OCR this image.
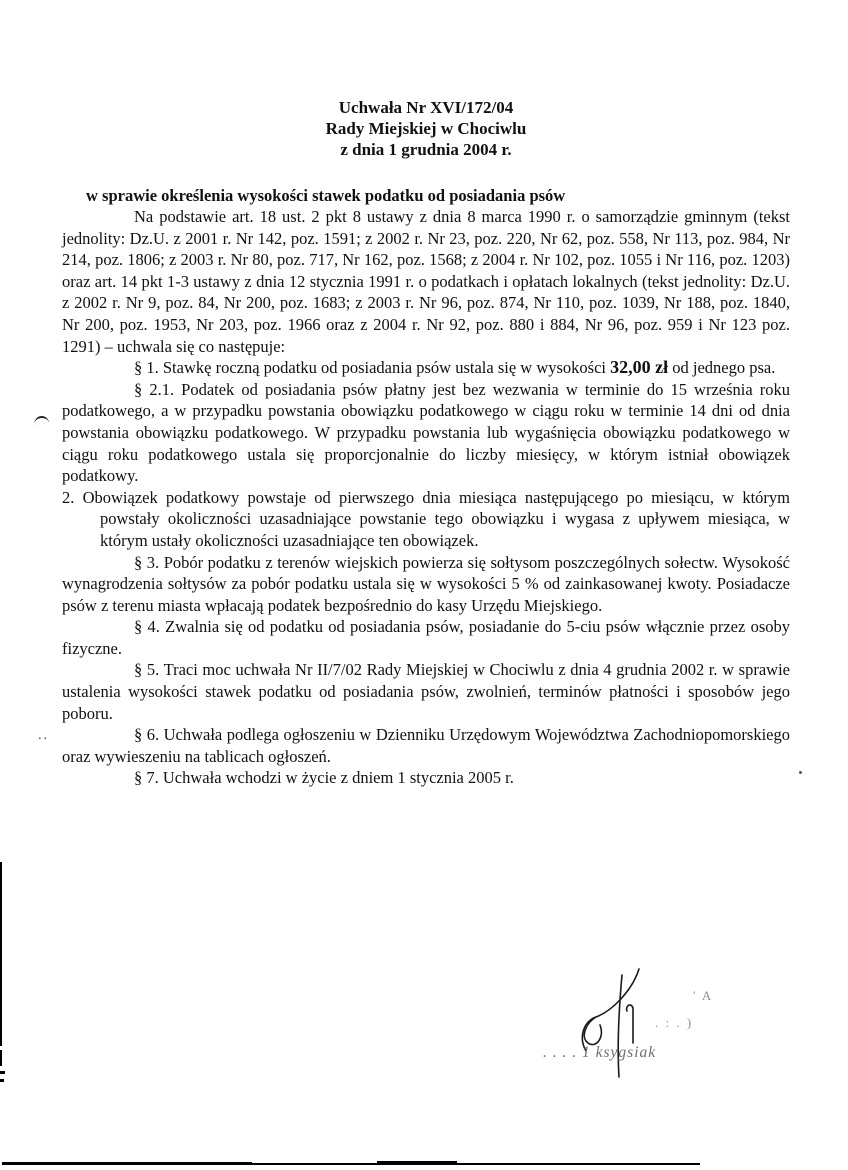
Uchwała Nr XVI/172/04
Rady Miejskiej w Chociwlu
z dnia 1 grudnia 2004 r.

w sprawie określenia wysokości stawek podatku od posiadania psów

Na podstawie art. 18 ust. 2 pkt 8 ustawy z dnia 8 marca 1990 r. o samorządzie gminnym (tekst jednolity: Dz.U. z 2001 r. Nr 142, poz. 1591; z 2002 r. Nr 23, poz. 220, Nr 62, poz. 558, Nr 113, poz. 984, Nr 214, poz. 1806; z 2003 r. Nr 80, poz. 717, Nr 162, poz. 1568; z 2004 r. Nr 102, poz. 1055 i Nr 116, poz. 1203) oraz art. 14 pkt 1-3 ustawy z dnia 12 stycznia 1991 r. o podatkach i opłatach lokalnych (tekst jednolity: Dz.U. z 2002 r. Nr 9, poz. 84, Nr 200, poz. 1683; z 2003 r. Nr 96, poz. 874, Nr 110, poz. 1039, Nr 188, poz. 1840, Nr 200, poz. 1953, Nr 203, poz. 1966 oraz z 2004 r. Nr 92, poz. 880 i 884, Nr 96, poz. 959 i Nr 123 poz. 1291) – uchwala się co następuje:

§ 1. Stawkę roczną podatku od posiadania psów ustala się w wysokości 32,00 zł od jednego psa.

§ 2.1. Podatek od posiadania psów płatny jest bez wezwania w terminie do 15 września roku podatkowego, a w przypadku powstania obowiązku podatkowego w ciągu roku w terminie 14 dni od dnia powstania obowiązku podatkowego. W przypadku powstania lub wygaśnięcia obowiązku podatkowego w ciągu roku podatkowego ustala się proporcjonalnie do liczby miesięcy, w którym istniał obowiązek podatkowy.

2. Obowiązek podatkowy powstaje od pierwszego dnia miesiąca następującego po miesiącu, w którym powstały okoliczności uzasadniające powstanie tego obowiązku i wygasa z upływem miesiąca, w którym ustały okoliczności uzasadniające ten obowiązek.

§ 3. Pobór podatku z terenów wiejskich powierza się sołtysom poszczególnych sołectw. Wysokość wynagrodzenia sołtysów za pobór podatku ustala się w wysokości 5 % od zainkasowanej kwoty. Posiadacze psów z terenu miasta wpłacają podatek bezpośrednio do kasy Urzędu Miejskiego.

§ 4. Zwalnia się od podatku od posiadania psów, posiadanie do 5-ciu psów włącznie przez osoby fizyczne.

§ 5. Traci moc uchwała Nr II/7/02 Rady Miejskiej w Chociwlu z dnia 4 grudnia 2002 r. w sprawie ustalenia wysokości stawek podatku od posiadania psów, zwolnień, terminów płatności i sposobów jego poboru.

§ 6. Uchwała podlega ogłoszeniu w Dzienniku Urzędowym Województwa Zachodniopomorskiego oraz wywieszeniu na tablicach ogłoszeń.

§ 7. Uchwała wchodzi w życie z dniem 1 stycznia 2005 r.

' A
. : . )
. . . . 1 ksygsiak
..
